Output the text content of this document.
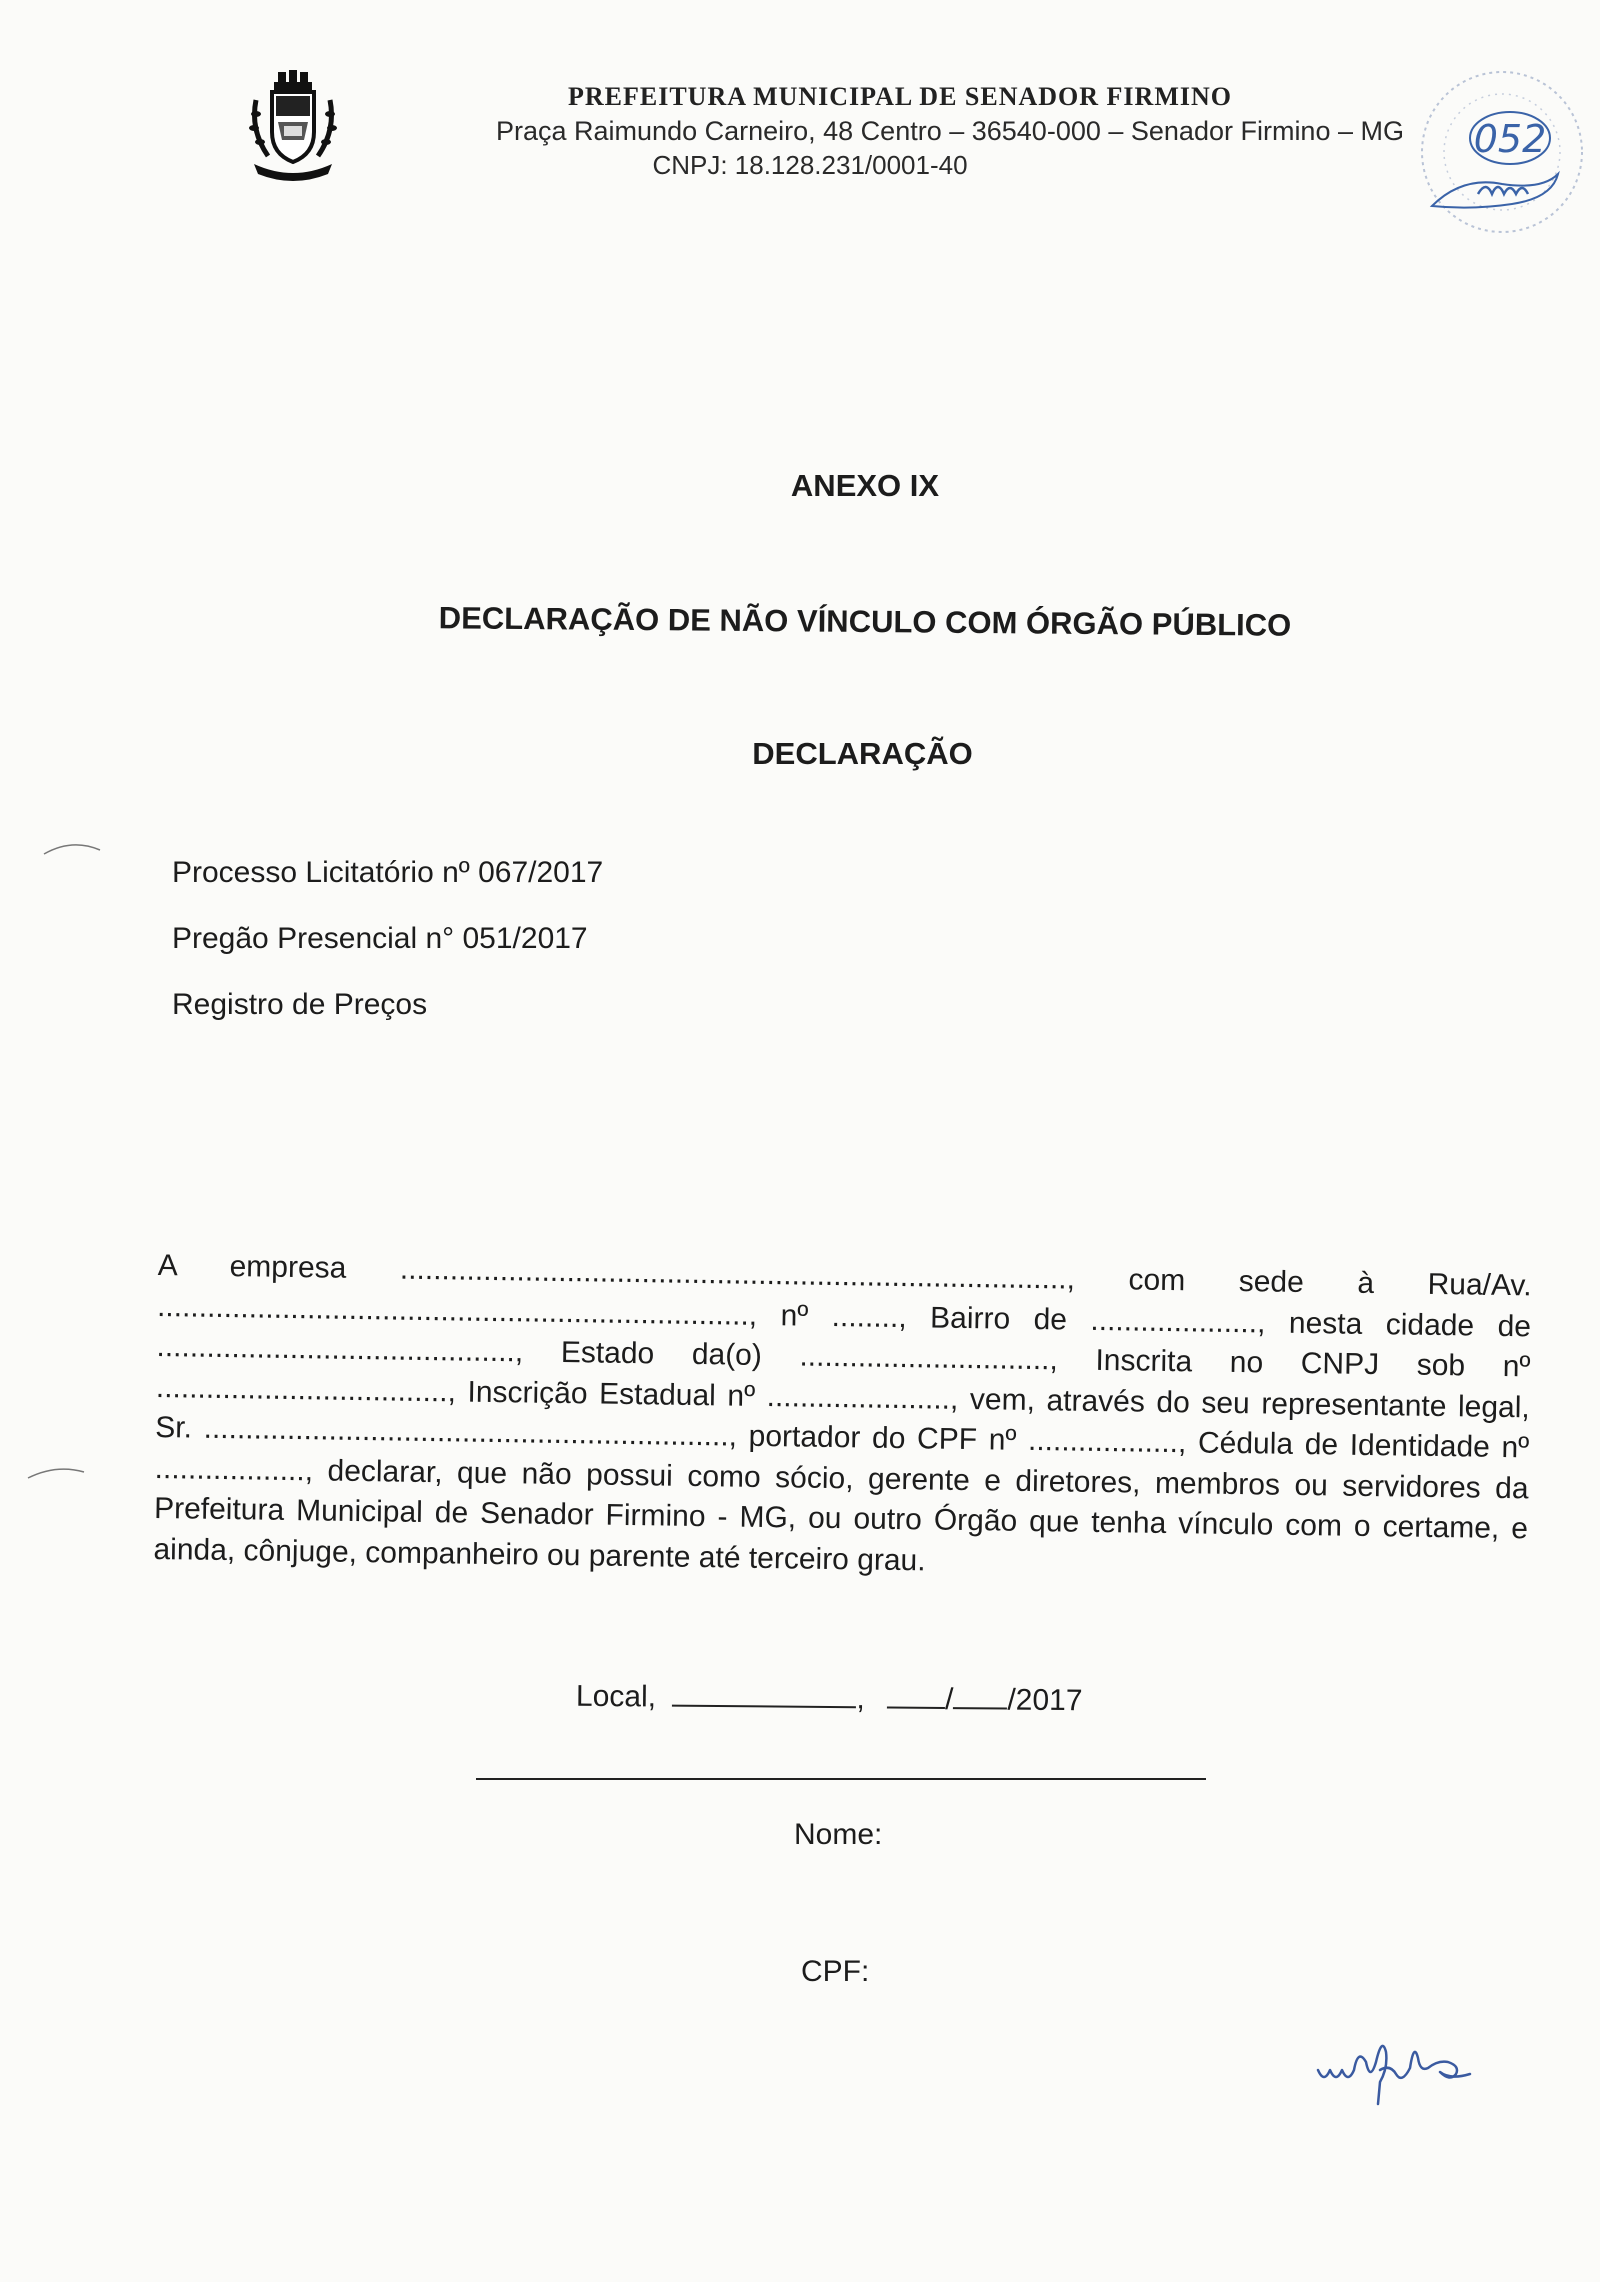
PREFEITURA MUNICIPAL DE SENADOR FIRMINO
Praça Raimundo Carneiro, 48 Centro – 36540-000 – Senador Firmino – MG
CNPJ: 18.128.231/0001-40
052
ANEXO IX
DECLARAÇÃO DE NÃO VÍNCULO COM ÓRGÃO PÚBLICO
DECLARAÇÃO
Processo Licitatório nº 067/2017
Pregão Presencial n° 051/2017
Registro de Preços
A empresa ................................................................................, com sede à Rua/Av. ......................................................................., nº ........, Bairro de ...................., nesta cidade de ..........................................., Estado da(o) .............................., Inscrita no CNPJ sob nº ..................................., Inscrição Estadual nº ......................, vem, através do seu representante legal, Sr. ..............................................................., portador do CPF nº .................., Cédula de Identidade nº .................., declarar, que não possui como sócio, gerente e diretores, membros ou servidores da Prefeitura Municipal de Senador Firmino - MG, ou outro Órgão que tenha vínculo com o certame, e ainda, cônjuge, companheiro ou parente até terceiro grau.
Local,	,	/ /2017
Nome:
CPF:
